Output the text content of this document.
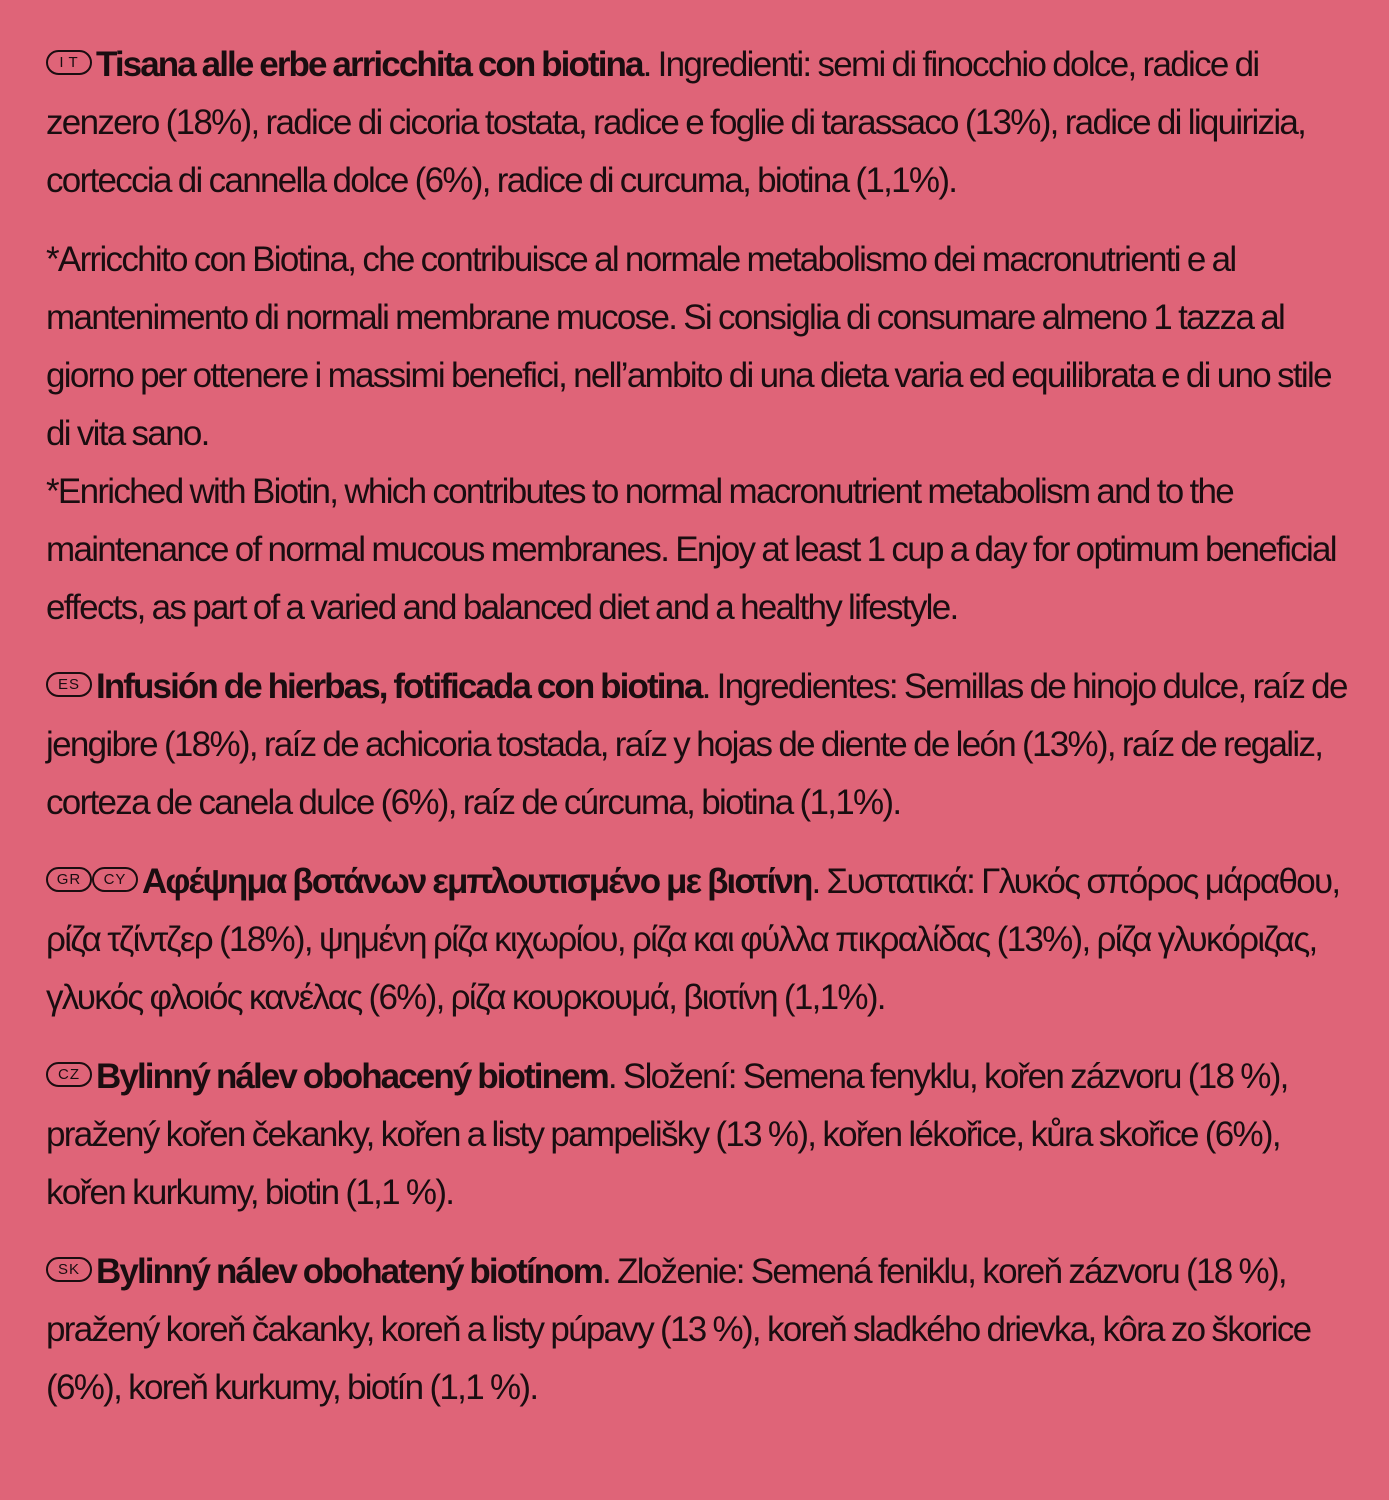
I T Tisana alle erbe arricchita con biotina. Ingredienti: semi di finocchio dolce, radice di zenzero (18%), radice di cicoria tostata, radice e foglie di tarassaco (13%), radice di liquirizia, corteccia di cannella dolce (6%), radice di curcuma, biotina (1,1%).

*Arricchito con Biotina, che contribuisce al normale metabolismo dei macronutrienti e al mantenimento di normali membrane mucose. Si consiglia di consumare almeno 1 tazza al giorno per ottenere i massimi benefici, nell’ambito di una dieta varia ed equilibrata e di uno stile di vita sano.
*Enriched with Biotin, which contributes to normal macronutrient metabolism and to the maintenance of normal mucous membranes. Enjoy at least 1 cup a day for optimum beneficial effects, as part of a varied and balanced diet and a healthy lifestyle.

ES Infusión de hierbas, fotificada con biotina. Ingredientes: Semillas de hinojo dulce, raíz de jengibre (18%), raíz de achicoria tostada, raíz y hojas de diente de león (13%), raíz de regaliz, corteza de canela dulce (6%), raíz de cúrcuma, biotina (1,1%).

GR CY Αφέψημα βοτάνων εμπλουτισμένο με βιοτίνη. Συστατικά: Γλυκός σπόρος μάραθου, ρίζα τζίντζερ (18%), ψημένη ρίζα κιχωρίου, ρίζα και φύλλα πικραλίδας (13%), ρίζα γλυκόριζας, γλυκός φλοιός κανέλας (6%), ρίζα κουρκουμά, βιοτίνη (1,1%).

CZ Bylinný nálev obohacený biotinem. Složení: Semena fenyklu, kořen zázvoru (18 %), pražený kořen čekanky, kořen a listy pampelišky (13 %), kořen lékořice, kůra skořice (6%), kořen kurkumy, biotin (1,1 %).

SK Bylinný nálev obohatený biotínom. Zloženie: Semená feniklu, koreň zázvoru (18 %), pražený koreň čakanky, koreň a listy púpavy (13 %), koreň sladkého drievka, kôra zo škorice (6%), koreň kurkumy, biotín (1,1 %).
